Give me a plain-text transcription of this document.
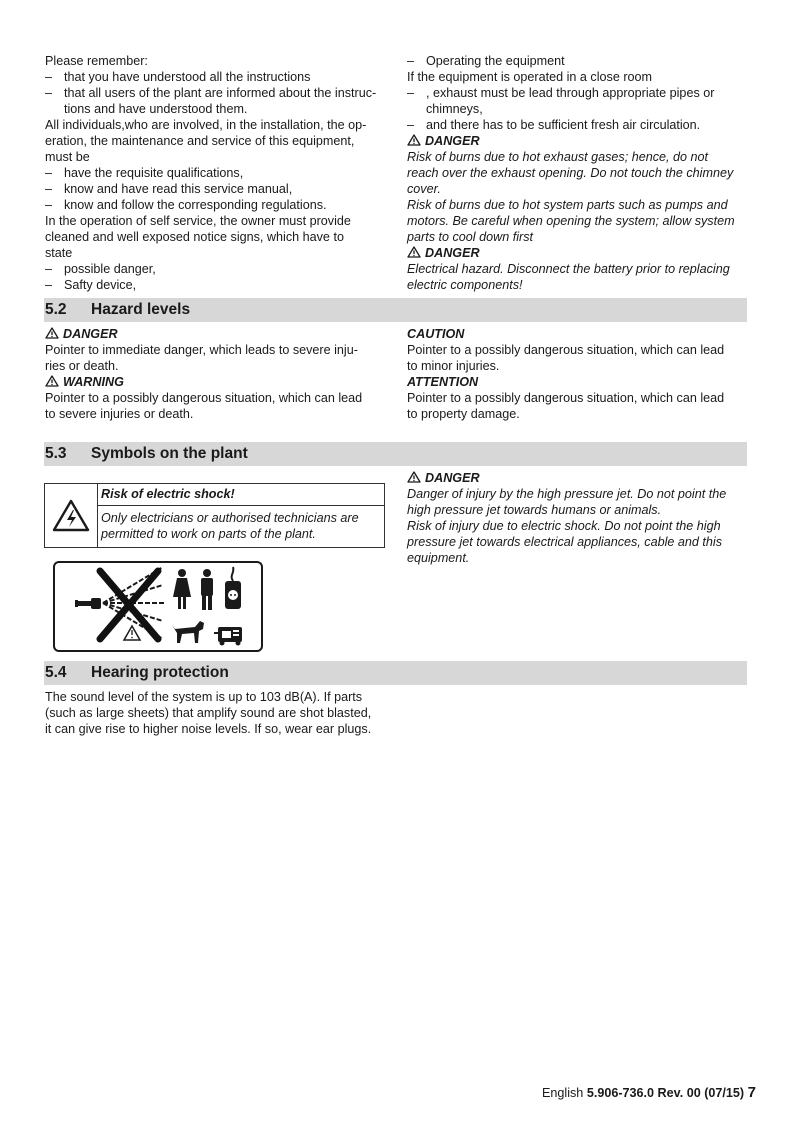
Please remember:

– that you have understood all the instructions

– that all users of the plant are informed about the instruc-

tions and have understood them.

All individuals,who are involved, in the installation, the op-

eration, the maintenance and service of this equipment,

must be

– have the requisite qualifications,

– know and have read this service manual,

– know and follow the corresponding regulations.

In the operation of self service, the owner must provide

cleaned and well exposed notice signs, which have to

state

– possible danger,

– Safty device,

– Operating the equipment

If the equipment is operated in a close room

– , exhaust must be lead through appropriate pipes or

chimneys,

– and there has to be sufficient fresh air circulation.

DANGER

Risk of burns due to hot exhaust gases; hence, do not

reach over the exhaust opening. Do not touch the chimney

cover.

Risk of burns due to hot system parts such as pumps and

motors. Be careful when opening the system; allow system

parts to cool down first

DANGER

Electrical hazard. Disconnect the battery prior to replacing

electric components!

5.2 Hazard levels

DANGER

Pointer to immediate danger, which leads to severe inju-

ries or death.

WARNING

Pointer to a possibly dangerous situation, which can lead

to severe injuries or death.

CAUTION

Pointer to a possibly dangerous situation, which can lead

to minor injuries.

ATTENTION

Pointer to a possibly dangerous situation, which can lead

to property damage.

5.3 Symbols on the plant
Risk of electric shock!
Only electricians or authorised technicians are
permitted to work on parts of the plant.

DANGER

Danger of injury by the high pressure jet. Do not point the

high pressure jet towards humans or animals.

Risk of injury due to electric shock. Do not point the high

pressure jet towards electrical appliances, cable and this

equipment.

5.4 Hearing protection

The sound level of the system is up to 103 dB(A). If parts

(such as large sheets) that amplify sound are shot blasted,

it can give rise to higher noise levels. If so, wear ear plugs.

English 5.906-736.0 Rev. 00 (07/15) 7
